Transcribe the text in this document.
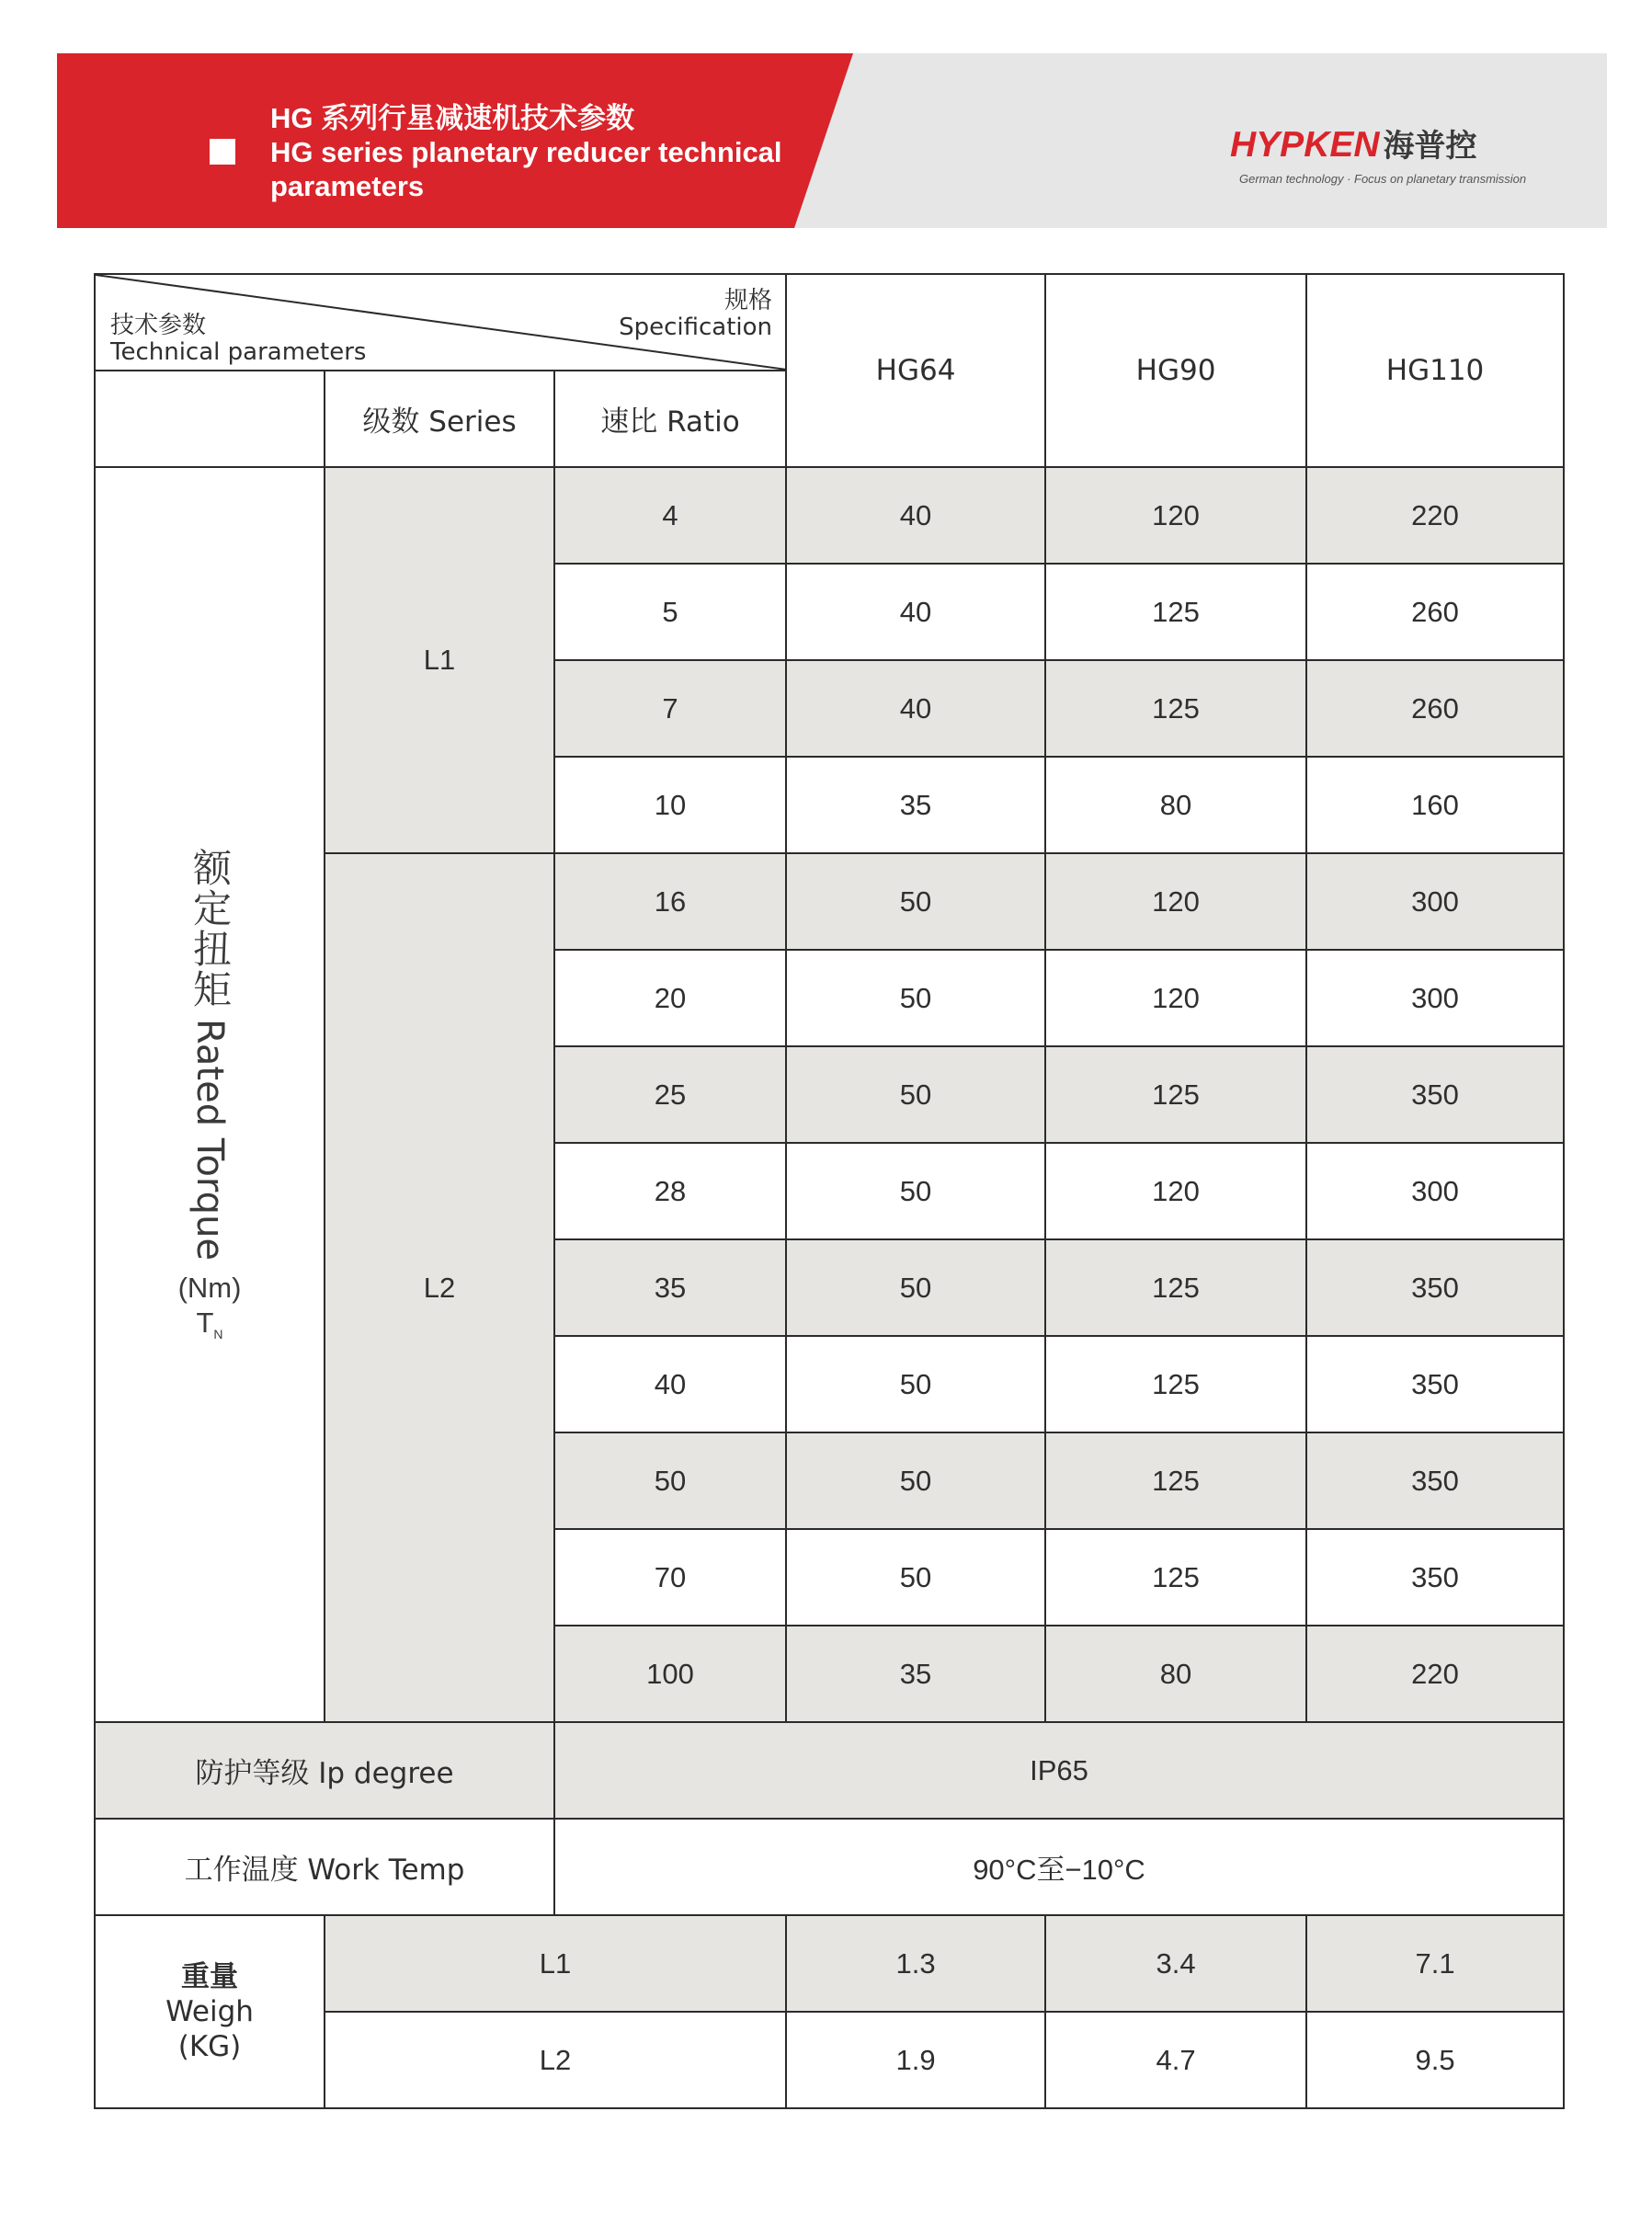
HG 系列行星减速机技术参数
HG series planetary reducer technical
parameters
HYPKEN 海普控
German technology · Focus on planetary transmission
技术参数
Technical parameters
规格
Specification			HG64	HG90	HG110
	级数 Series	速比 Ratio			

额定扭矩
Rated Torque
(Nm)
$T_N$	L1	4	40	120	220
		5	40	125	260
		7	40	125	260
		10	35	80	160
	L2	16	50	120	300
		20	50	120	300
		25	50	125	350
		28	50	120	300
		35	50	125	350
		40	50	125	350
		50	50	125	350
		70	50	125	350
		100	35	80	220
防护等级 Ip degree		IP65			
工作温度 Work Temp		90°C至−10°C			

重量
Weigh
(KG)	L1		1.3	3.4	7.1
	L2		1.9	4.7	9.5
